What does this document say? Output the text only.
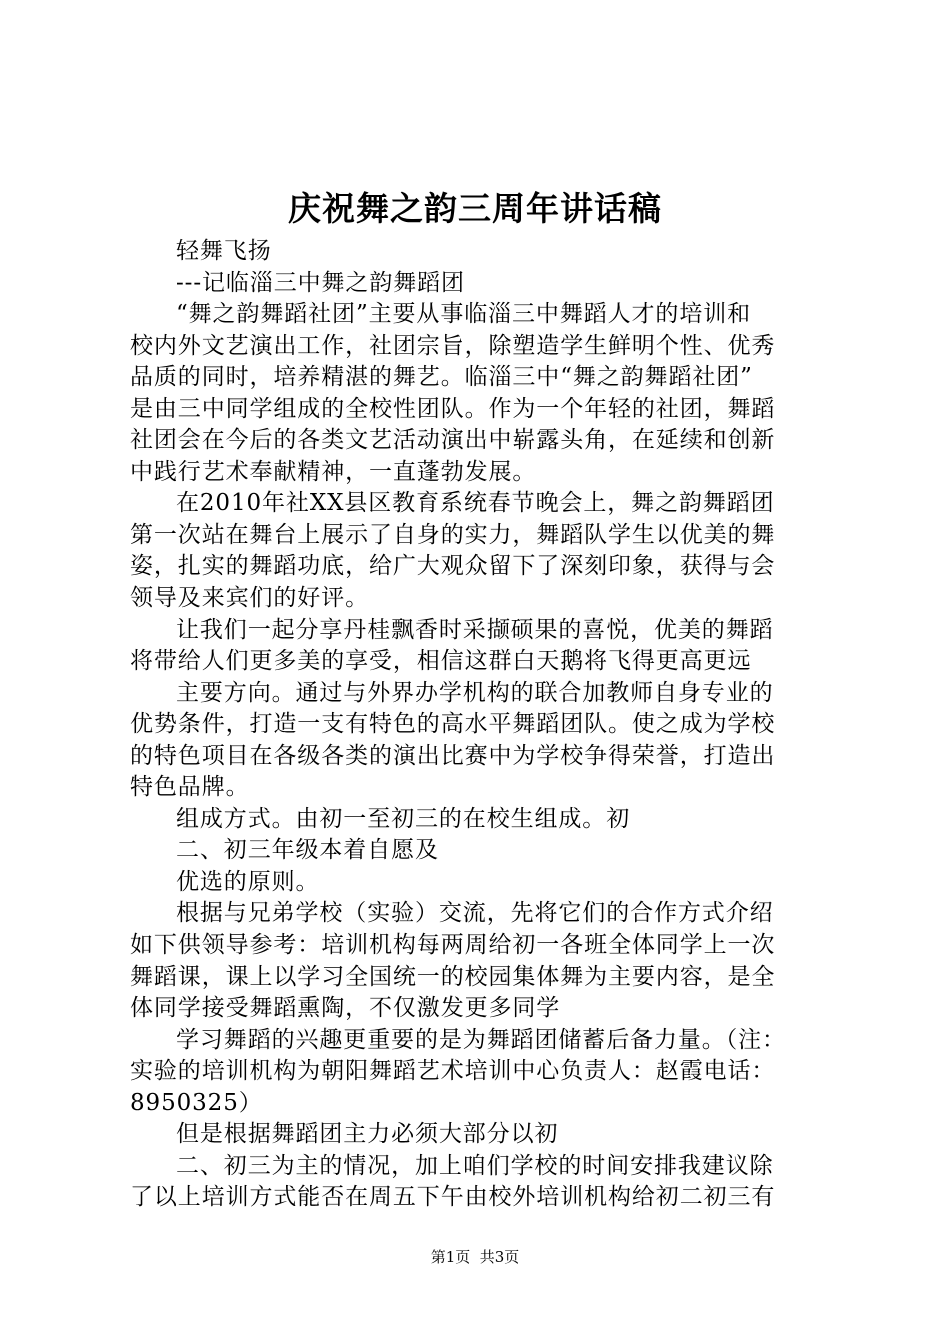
庆祝舞之韵三周年讲话稿
轻舞飞扬
---记临淄三中舞之韵舞蹈团
“舞之韵舞蹈社团”主要从事临淄三中舞蹈人才的培训和
校内外文艺演出工作，社团宗旨，除塑造学生鲜明个性、优秀
品质的同时，培养精湛的舞艺。临淄三中“舞之韵舞蹈社团”
是由三中同学组成的全校性团队。作为一个年轻的社团，舞蹈
社团会在今后的各类文艺活动演出中崭露头角，在延续和创新
中践行艺术奉献精神，一直蓬勃发展。
在2010年社XX县区教育系统春节晚会上，舞之韵舞蹈团
第一次站在舞台上展示了自身的实力，舞蹈队学生以优美的舞
姿，扎实的舞蹈功底，给广大观众留下了深刻印象，获得与会
领导及来宾们的好评。
让我们一起分享丹桂飘香时采撷硕果的喜悦，优美的舞蹈
将带给人们更多美的享受，相信这群白天鹅将飞得更高更远
主要方向。通过与外界办学机构的联合加教师自身专业的
优势条件，打造一支有特色的高水平舞蹈团队。使之成为学校
的特色项目在各级各类的演出比赛中为学校争得荣誉，打造出
特色品牌。
组成方式。由初一至初三的在校生组成。初
二、初三年级本着自愿及
优选的原则。
根据与兄弟学校（实验）交流，先将它们的合作方式介绍
如下供领导参考：培训机构每两周给初一各班全体同学上一次
舞蹈课，课上以学习全国统一的校园集体舞为主要内容，是全
体同学接受舞蹈熏陶，不仅激发更多同学
学习舞蹈的兴趣更重要的是为舞蹈团储蓄后备力量。（注：
实验的培训机构为朝阳舞蹈艺术培训中心负责人：赵霞电话：
8950325）
但是根据舞蹈团主力必须大部分以初
二、初三为主的情况，加上咱们学校的时间安排我建议除
了以上培训方式能否在周五下午由校外培训机构给初二初三有
第1页  共3页
